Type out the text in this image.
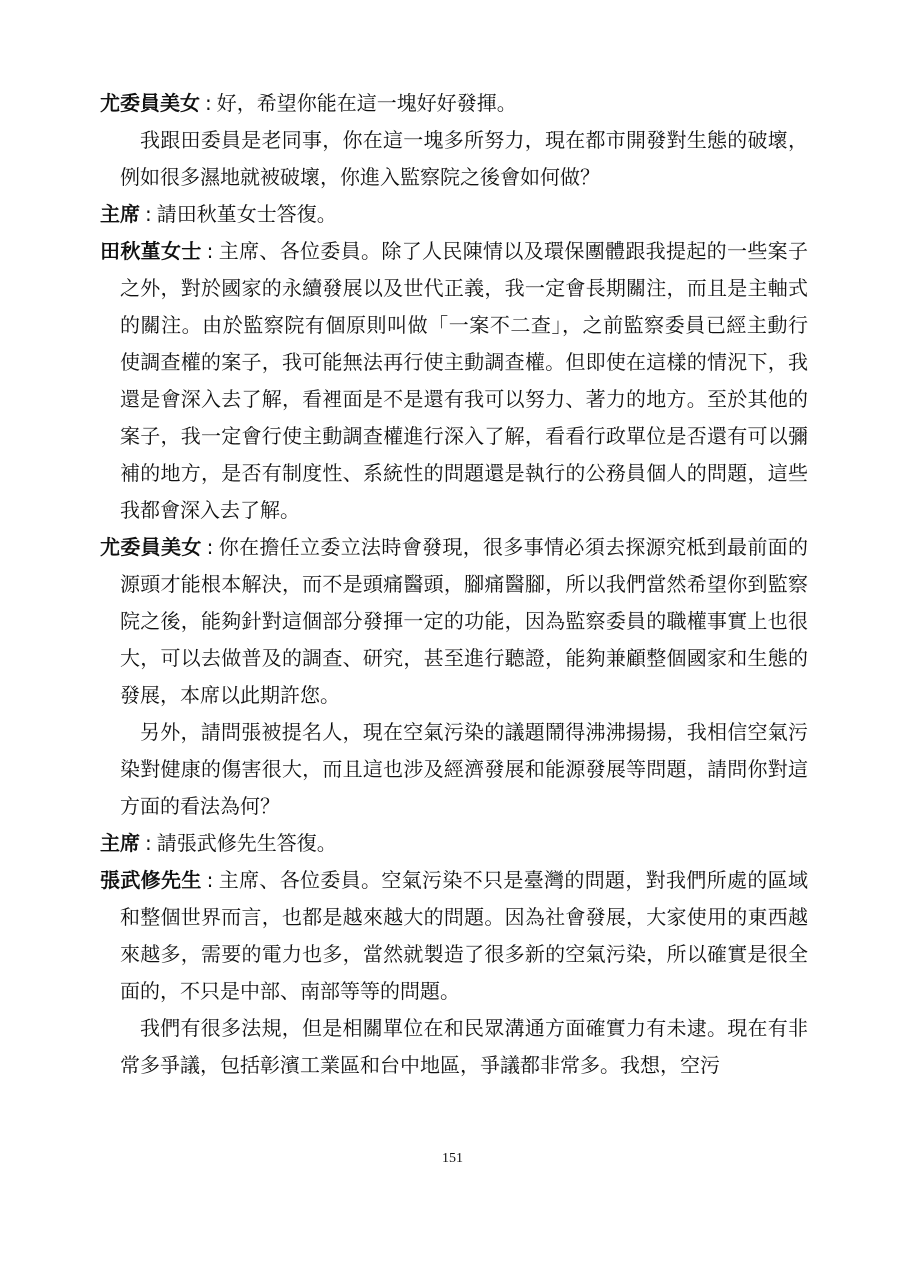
尤委員美女 : 好，希望你能在這一塊好好發揮。

我跟田委員是老同事，你在這一塊多所努力，現在都市開發對生態的破壞，例如很多濕地就被破壞，你進入監察院之後會如何做？

主席 : 請田秋堇女士答復。

田秋堇女士 : 主席、各位委員。除了人民陳情以及環保團體跟我提起的一些案子之外，對於國家的永續發展以及世代正義，我一定會長期關注，而且是主軸式的關注。由於監察院有個原則叫做「一案不二查」，之前監察委員已經主動行使調查權的案子，我可能無法再行使主動調查權。但即使在這樣的情況下，我還是會深入去了解，看裡面是不是還有我可以努力、著力的地方。至於其他的案子，我一定會行使主動調查權進行深入了解，看看行政單位是否還有可以彌補的地方，是否有制度性、系統性的問題還是執行的公務員個人的問題，這些我都會深入去了解。

尤委員美女 : 你在擔任立委立法時會發現，很多事情必須去探源究柢到最前面的源頭才能根本解決，而不是頭痛醫頭，腳痛醫腳，所以我們當然希望你到監察院之後，能夠針對這個部分發揮一定的功能，因為監察委員的職權事實上也很大，可以去做普及的調查、研究，甚至進行聽證，能夠兼顧整個國家和生態的發展，本席以此期許您。

另外，請問張被提名人，現在空氣污染的議題鬧得沸沸揚揚，我相信空氣污染對健康的傷害很大，而且這也涉及經濟發展和能源發展等問題，請問你對這方面的看法為何？

主席 : 請張武修先生答復。

張武修先生 : 主席、各位委員。空氣污染不只是臺灣的問題，對我們所處的區域和整個世界而言，也都是越來越大的問題。因為社會發展，大家使用的東西越來越多，需要的電力也多，當然就製造了很多新的空氣污染，所以確實是很全面的，不只是中部、南部等等的問題。

我們有很多法規，但是相關單位在和民眾溝通方面確實力有未逮。現在有非常多爭議，包括彰濱工業區和台中地區，爭議都非常多。我想，空污

151
